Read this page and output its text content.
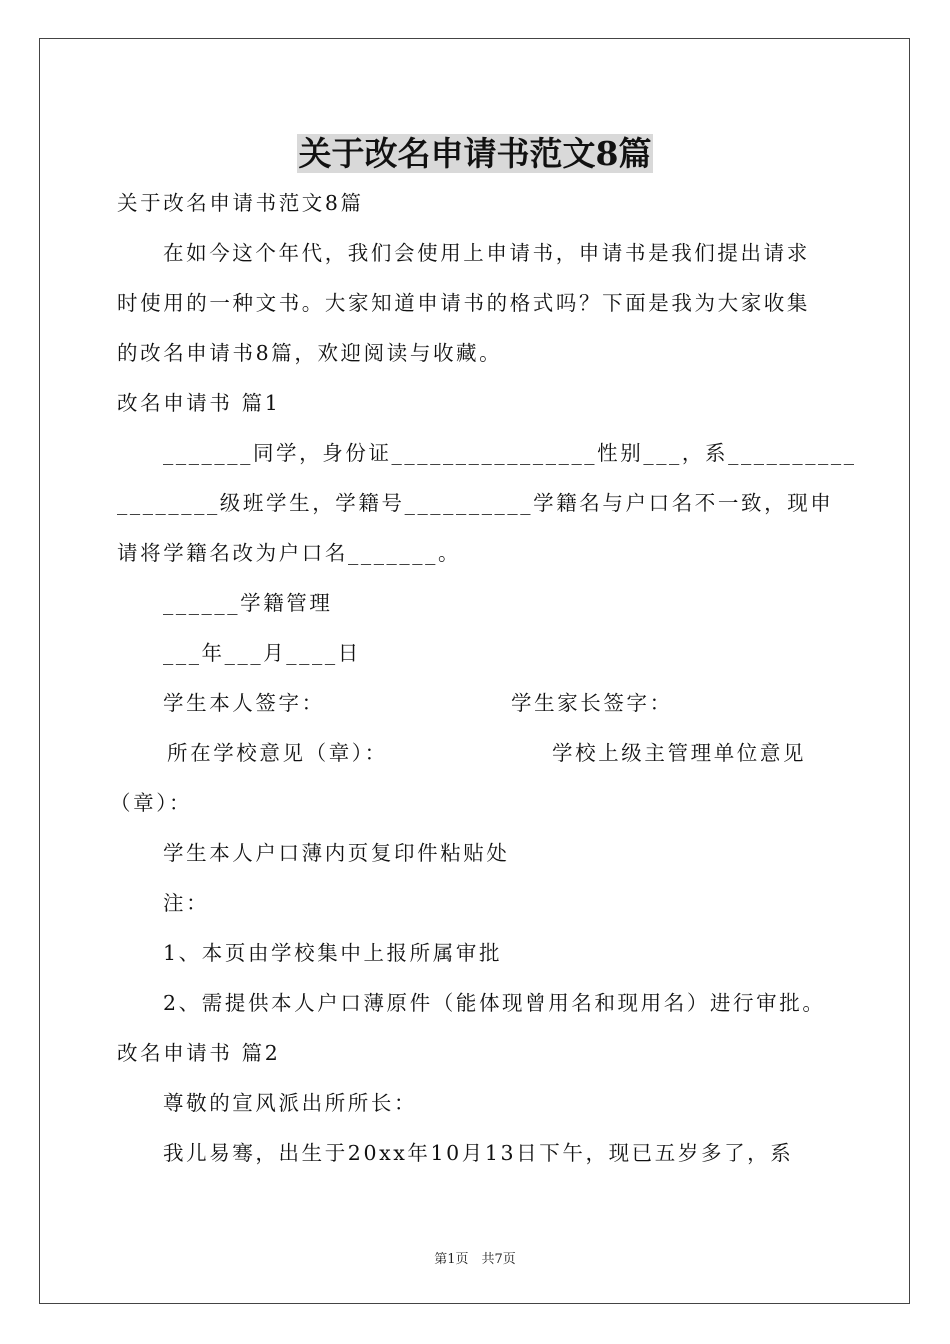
关于改名申请书范文8篇
关于改名申请书范文8篇
在如今这个年代，我们会使用上申请书，申请书是我们提出请求
时使用的一种文书。大家知道申请书的格式吗？下面是我为大家收集
的改名申请书8篇，欢迎阅读与收藏。
改名申请书 篇1
_______同学，身份证________________性别___，系__________
________级班学生，学籍号__________学籍名与户口名不一致，现申
请将学籍名改为户口名_______。
______学籍管理
___年___月____日
学生本人签字：	学生家长签字：
所在学校意见（章）：	学校上级主管理单位意见
（章）：
学生本人户口薄内页复印件粘贴处
注：
1、本页由学校集中上报所属审批
2、需提供本人户口薄原件（能体现曾用名和现用名）进行审批。
改名申请书 篇2
尊敬的宣风派出所所长：
我儿易骞，出生于20xx年10月13日下午，现已五岁多了，系
第1页　共7页
